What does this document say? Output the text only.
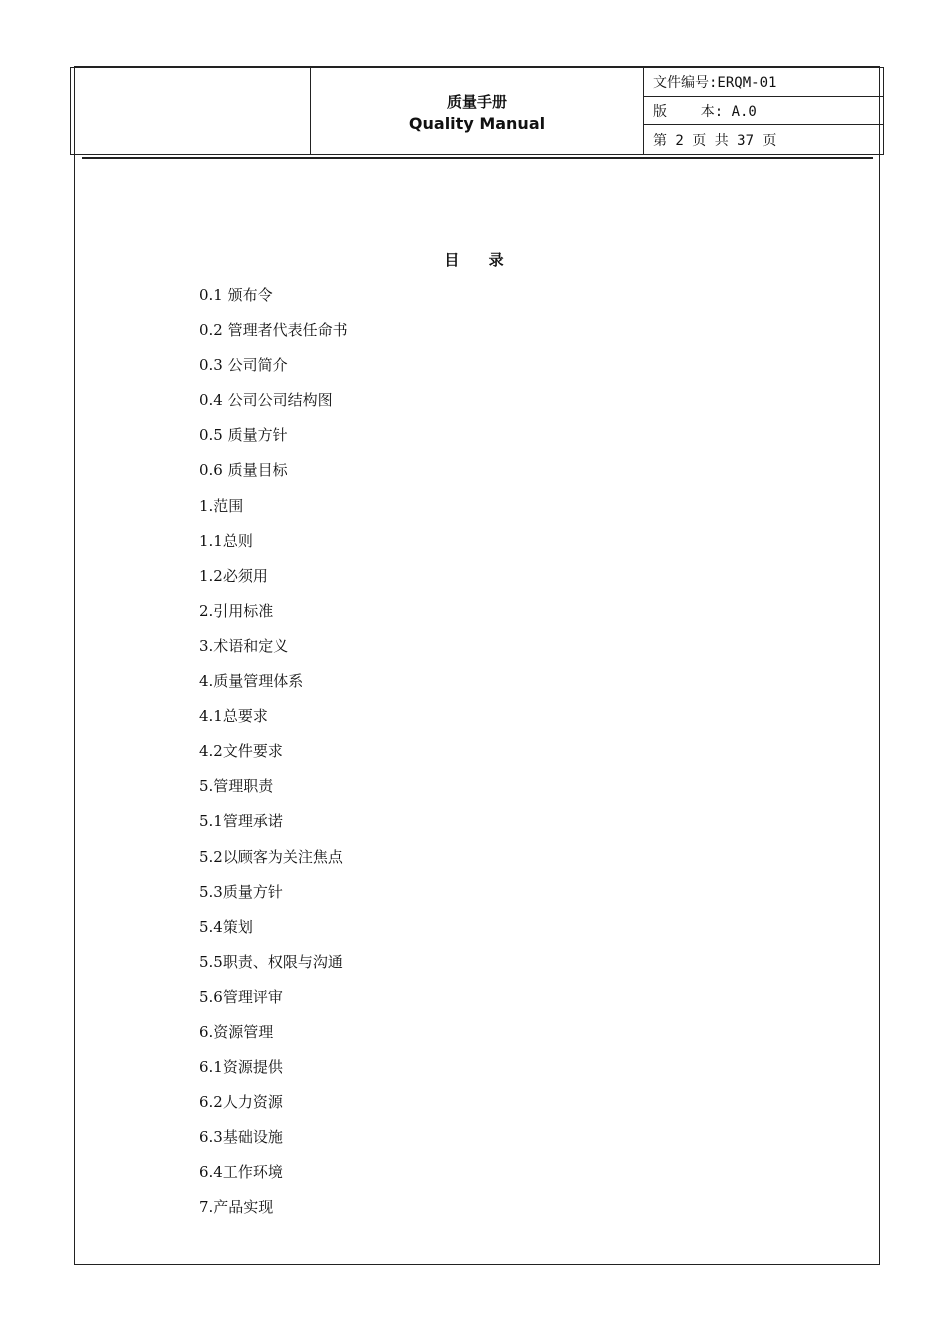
质量手册
Quality Manual
文件编号:ERQM-01
版    本: A.0
第 2 页 共 37 页
目 录
0.1 颁布令
0.2 管理者代表任命书
0.3 公司简介
0.4 公司公司结构图
0.5 质量方针
0.6 质量目标
1.范围
1.1总则
1.2必须用
2.引用标准
3.术语和定义
4.质量管理体系
4.1总要求
4.2文件要求
5.管理职责
5.1管理承诺
5.2以顾客为关注焦点
5.3质量方针
5.4策划
5.5职责、权限与沟通
5.6管理评审
6.资源管理
6.1资源提供
6.2人力资源
6.3基础设施
6.4工作环境
7.产品实现
